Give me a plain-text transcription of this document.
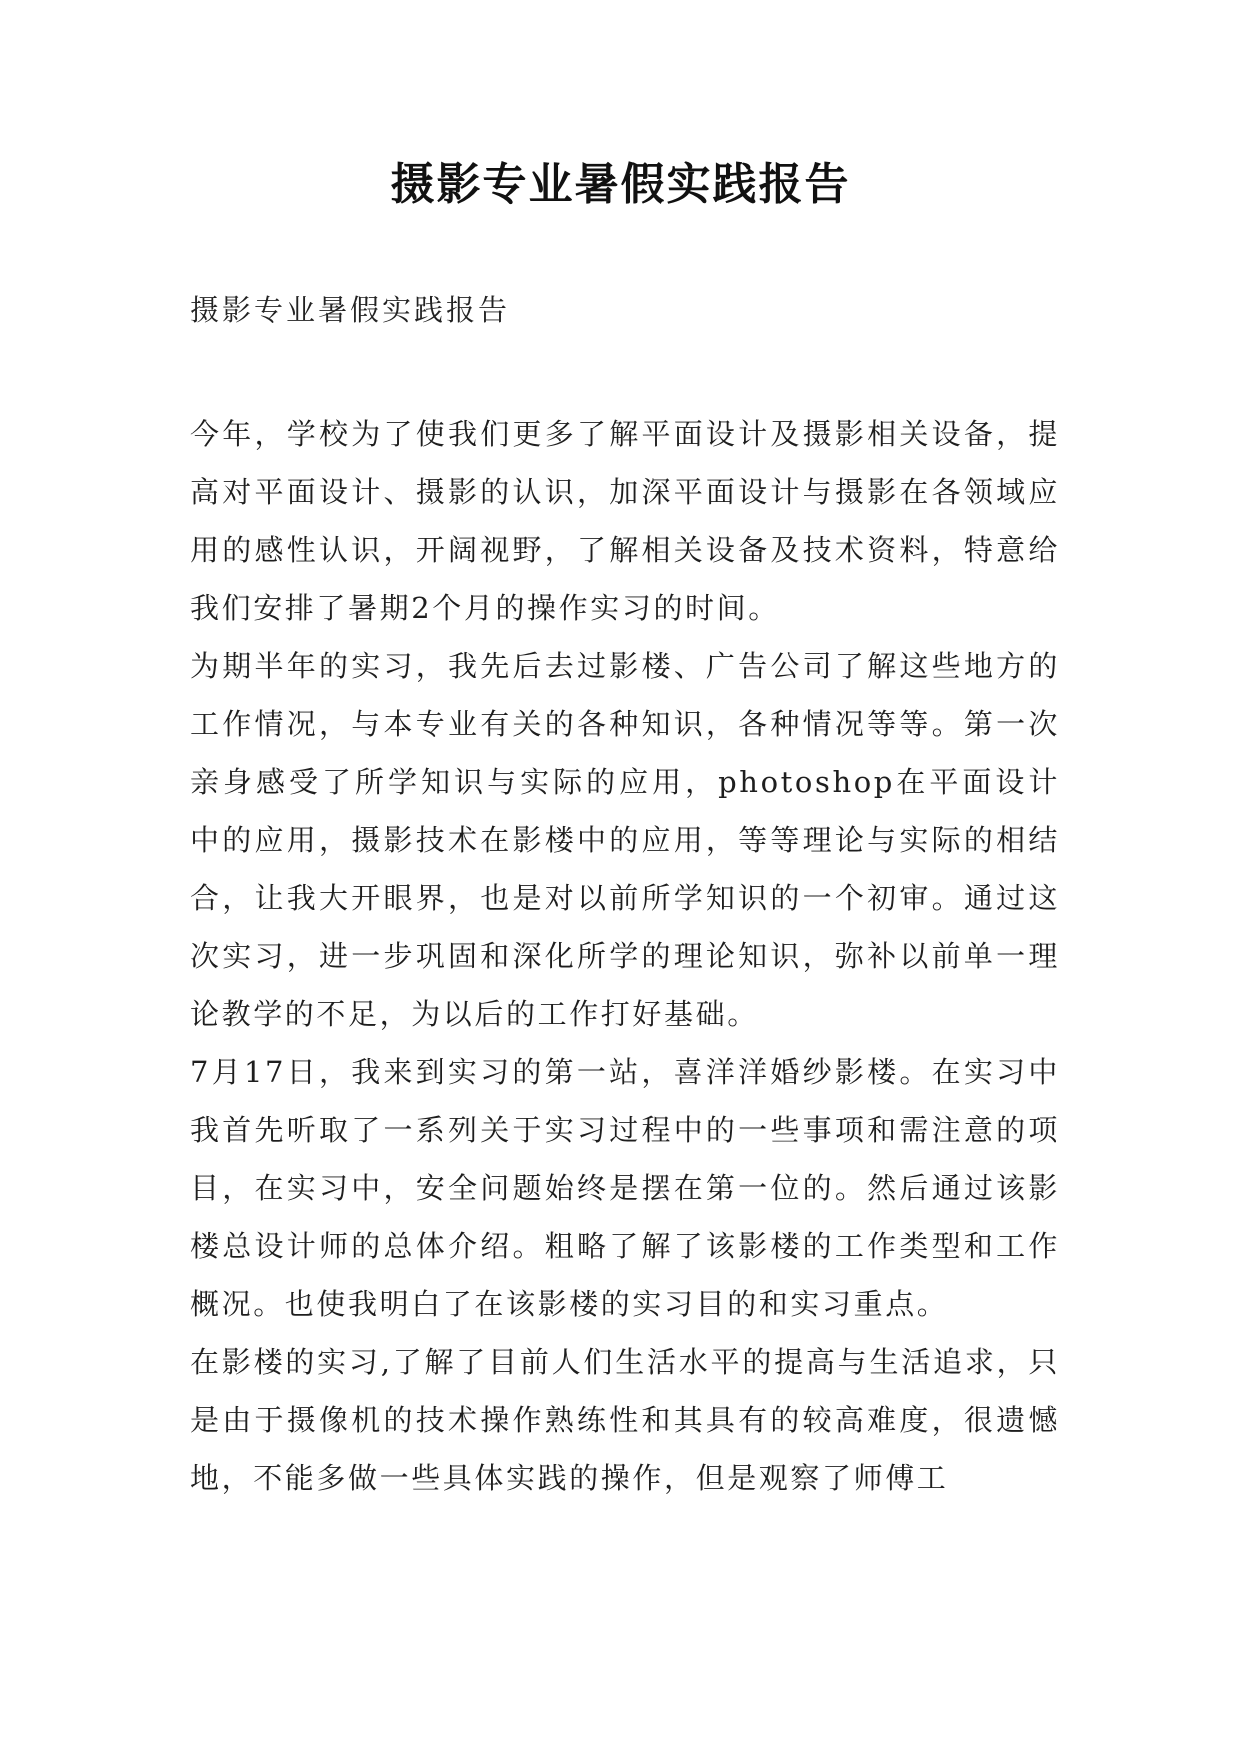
摄影专业暑假实践报告
摄影专业暑假实践报告

今年，学校为了使我们更多了解平面设计及摄影相关设备，提高对平面设计、摄影的认识，加深平面设计与摄影在各领域应用的感性认识，开阔视野，了解相关设备及技术资料，特意给我们安排了暑期2个月的操作实习的时间。

为期半年的实习，我先后去过影楼、广告公司了解这些地方的工作情况，与本专业有关的各种知识，各种情况等等。第一次亲身感受了所学知识与实际的应用，photoshop在平面设计中的应用，摄影技术在影楼中的应用，等等理论与实际的相结合，让我大开眼界，也是对以前所学知识的一个初审。通过这次实习，进一步巩固和深化所学的理论知识，弥补以前单一理论教学的不足，为以后的工作打好基础。

7月17日，我来到实习的第一站，喜洋洋婚纱影楼。在实习中我首先听取了一系列关于实习过程中的一些事项和需注意的项目，在实习中，安全问题始终是摆在第一位的。然后通过该影楼总设计师的总体介绍。粗略了解了该影楼的工作类型和工作概况。也使我明白了在该影楼的实习目的和实习重点。

在影楼的实习,了解了目前人们生活水平的提高与生活追求，只是由于摄像机的技术操作熟练性和其具有的较高难度，很遗憾地，不能多做一些具体实践的操作，但是观察了师傅工
